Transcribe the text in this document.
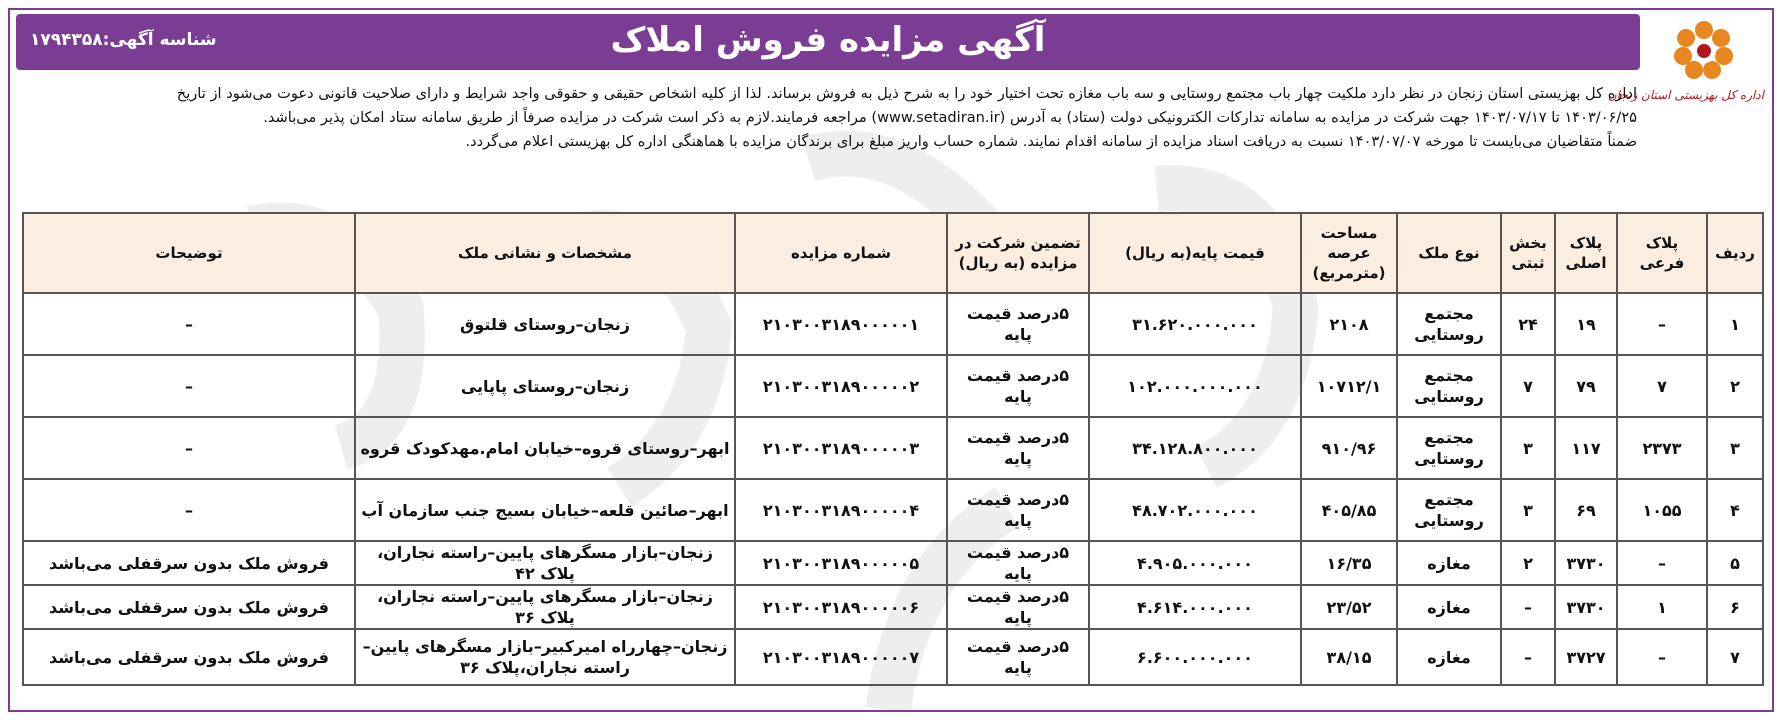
آگهی مزایده فروش املاک
شناسه آگهی:۱۷۹۴۳۵۸
اداره کل بهزیستی استان زنجان
اداره کل بهزیستی استان زنجان در نظر دارد ملکیت چهار باب مجتمع روستایی و سه باب مغازه تحت اختیار خود را به شرح ذیل به فروش برساند. لذا از کلیه اشخاص حقیقی و حقوقی واجد شرایط و دارای صلاحیت قانونی دعوت می‌شود از تاریخ
۱۴۰۳/۰۶/۲۵ تا ۱۴۰۳/۰۷/۱۷ جهت شرکت در مزایده به سامانه تدارکات الکترونیکی دولت (ستاد) به آدرس (www.setadiran.ir) مراجعه فرمایند.لازم به ذکر است شرکت در مزایده صرفاً از طریق سامانه ستاد امکان پذیر می‌باشد.
ضمناً متقاضیان می‌بایست تا مورخه ۱۴۰۳/۰۷/۰۷ نسبت به دریافت اسناد مزایده از سامانه اقدام نمایند. شماره حساب واریز مبلغ برای برندگان مزایده با هماهنگی اداره کل بهزیستی اعلام می‌گردد.
ردیف	پلاک فرعی	پلاک اصلی	بخش ثبتی	نوع ملک	مساحت عرصه (مترمربع)	قیمت پایه(به ریال)	تضمین شرکت در مزایده (به ریال)	شماره مزایده	مشخصات و نشانی ملک	توضیحات
۱	–	۱۹	۲۴	مجتمع روستایی	۲۱۰۸	۳۱.۶۲۰.۰۰۰.۰۰۰	۵درصد قیمت پایه	۲۱۰۳۰۰۳۱۸۹۰۰۰۰۰۱	زنجان–روستای قلتوق	–
۲	۷	۷۹	۷	مجتمع روستایی	۱۰۷۱۲/۱	۱۰۲.۰۰۰.۰۰۰.۰۰۰	۵درصد قیمت پایه	۲۱۰۳۰۰۳۱۸۹۰۰۰۰۰۲	زنجان–روستای پاپایی	–
۳	۲۳۷۳	۱۱۷	۳	مجتمع روستایی	۹۱۰/۹۶	۳۴.۱۲۸.۸۰۰.۰۰۰	۵درصد قیمت پایه	۲۱۰۳۰۰۳۱۸۹۰۰۰۰۰۳	ابهر–روستای قروه–خیابان امام.مهدکودک قروه	–
۴	۱۰۵۵	۶۹	۳	مجتمع روستایی	۴۰۵/۸۵	۴۸.۷۰۲.۰۰۰.۰۰۰	۵درصد قیمت پایه	۲۱۰۳۰۰۳۱۸۹۰۰۰۰۰۴	ابهر–صائین قلعه–خیابان بسیج جنب سازمان آب	–
۵	–	۳۷۳۰	۲	مغازه	۱۶/۳۵	۴.۹۰۵.۰۰۰.۰۰۰	۵درصد قیمت پایه	۲۱۰۳۰۰۳۱۸۹۰۰۰۰۰۵	زنجان–بازار مسگرهای پایین–راسته نجاران، پلاک ۴۲	فروش ملک بدون سرقفلی می‌باشد
۶	۱	۳۷۳۰	–	مغازه	۲۳/۵۲	۴.۶۱۴.۰۰۰.۰۰۰	۵درصد قیمت پایه	۲۱۰۳۰۰۳۱۸۹۰۰۰۰۰۶	زنجان–بازار مسگرهای پایین–راسته نجاران، پلاک ۳۶	فروش ملک بدون سرقفلی می‌باشد
۷	–	۳۷۲۷	–	مغازه	۳۸/۱۵	۶.۶۰۰.۰۰۰.۰۰۰	۵درصد قیمت پایه	۲۱۰۳۰۰۳۱۸۹۰۰۰۰۰۷	زنجان–چهارراه امیرکبیر–بازار مسگرهای پایین– راسته نجاران،پلاک ۳۶	فروش ملک بدون سرقفلی می‌باشد
